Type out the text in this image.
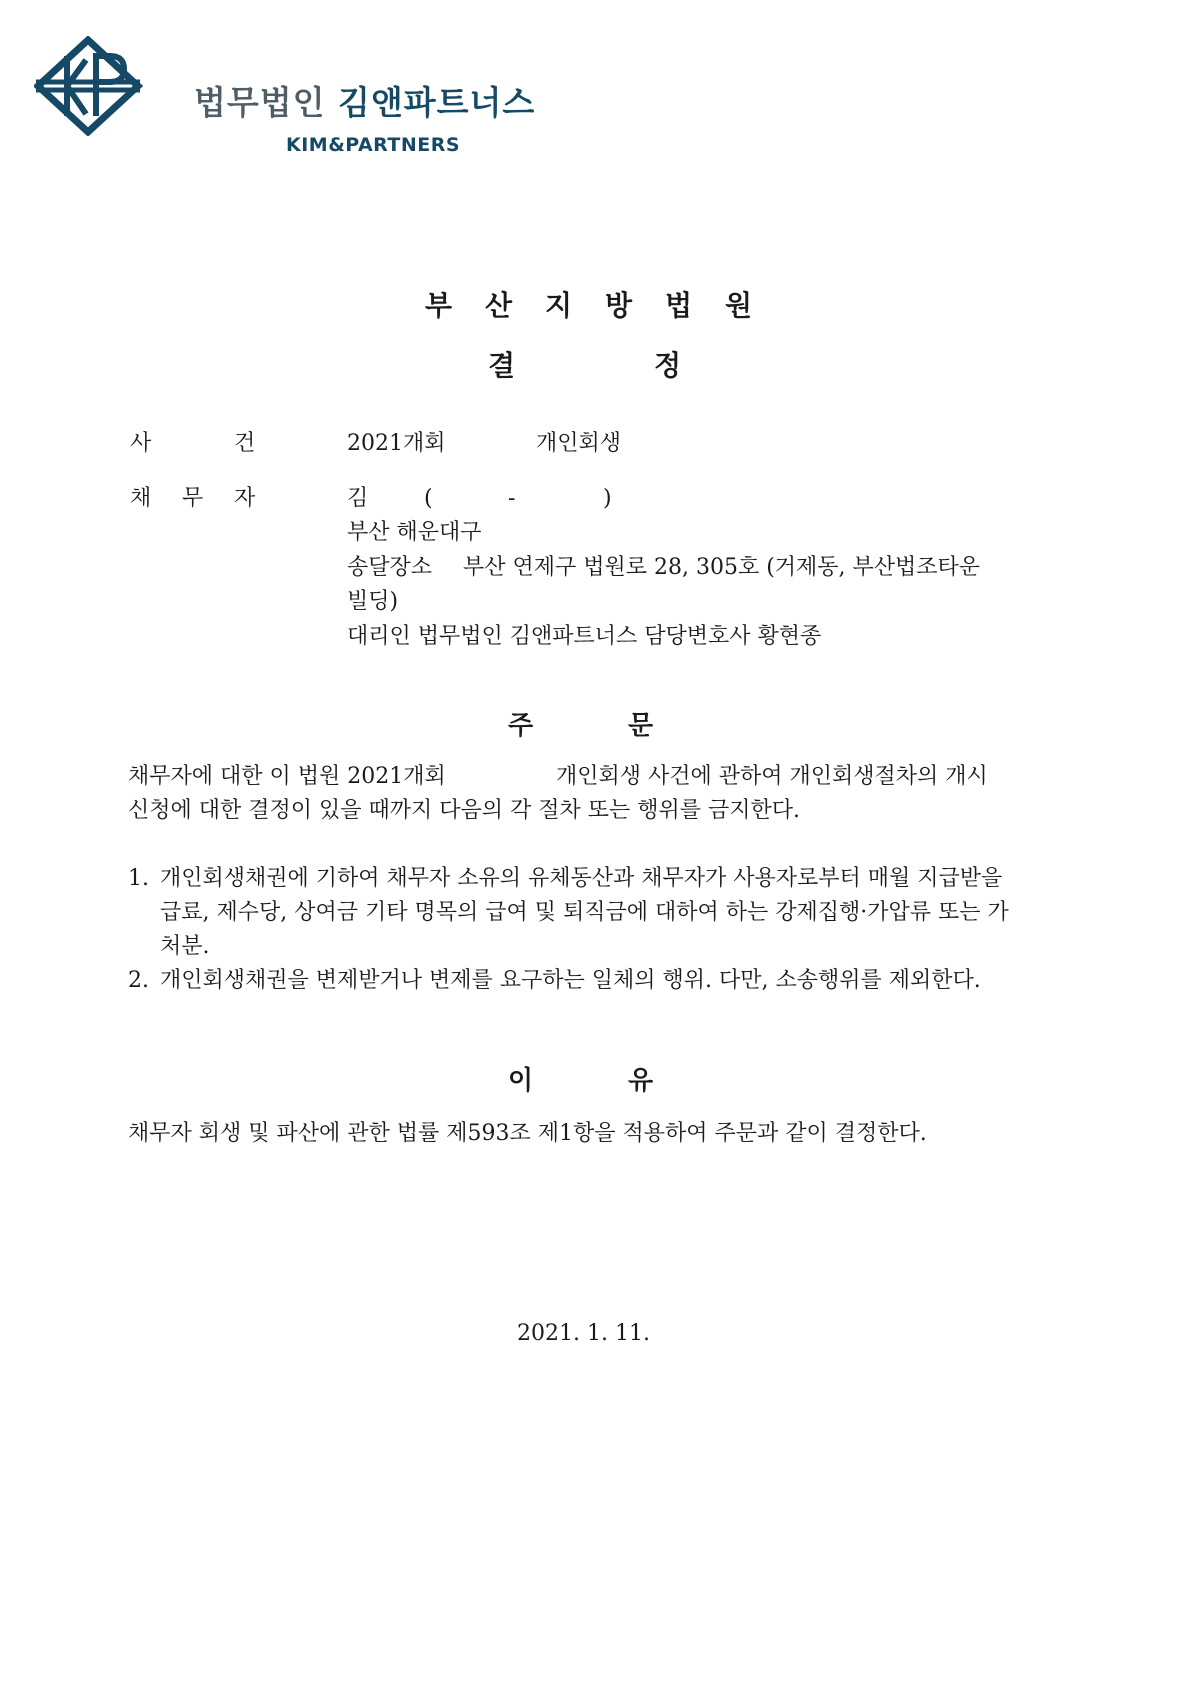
법무법인 김앤파트너스
KIM&PARTNERS
부 산 지 방 법 원
결	정
사	건	2021개회	개인회생
채 무 자	김	(	-	)
부산 해운대구
송달장소 부산 연제구 법원로 28, 305호 (거제동, 부산법조타운
빌딩)
대리인 법무법인 김앤파트너스 담당변호사 황현종
주	문
채무자에 대한 이 법원 2021개회	개인회생 사건에 관하여 개인회생절차의 개시
신청에 대한 결정이 있을 때까지 다음의 각 절차 또는 행위를 금지한다.
1. 개인회생채권에 기하여 채무자 소유의 유체동산과 채무자가 사용자로부터 매월 지급받을 급료, 제수당, 상여금 기타 명목의 급여 및 퇴직금에 대하여 하는 강제집행·가압류 또는 가처분.
2. 개인회생채권을 변제받거나 변제를 요구하는 일체의 행위. 다만, 소송행위를 제외한다.
이	유
채무자 회생 및 파산에 관한 법률 제593조 제1항을 적용하여 주문과 같이 결정한다.
2021. 1. 11.
